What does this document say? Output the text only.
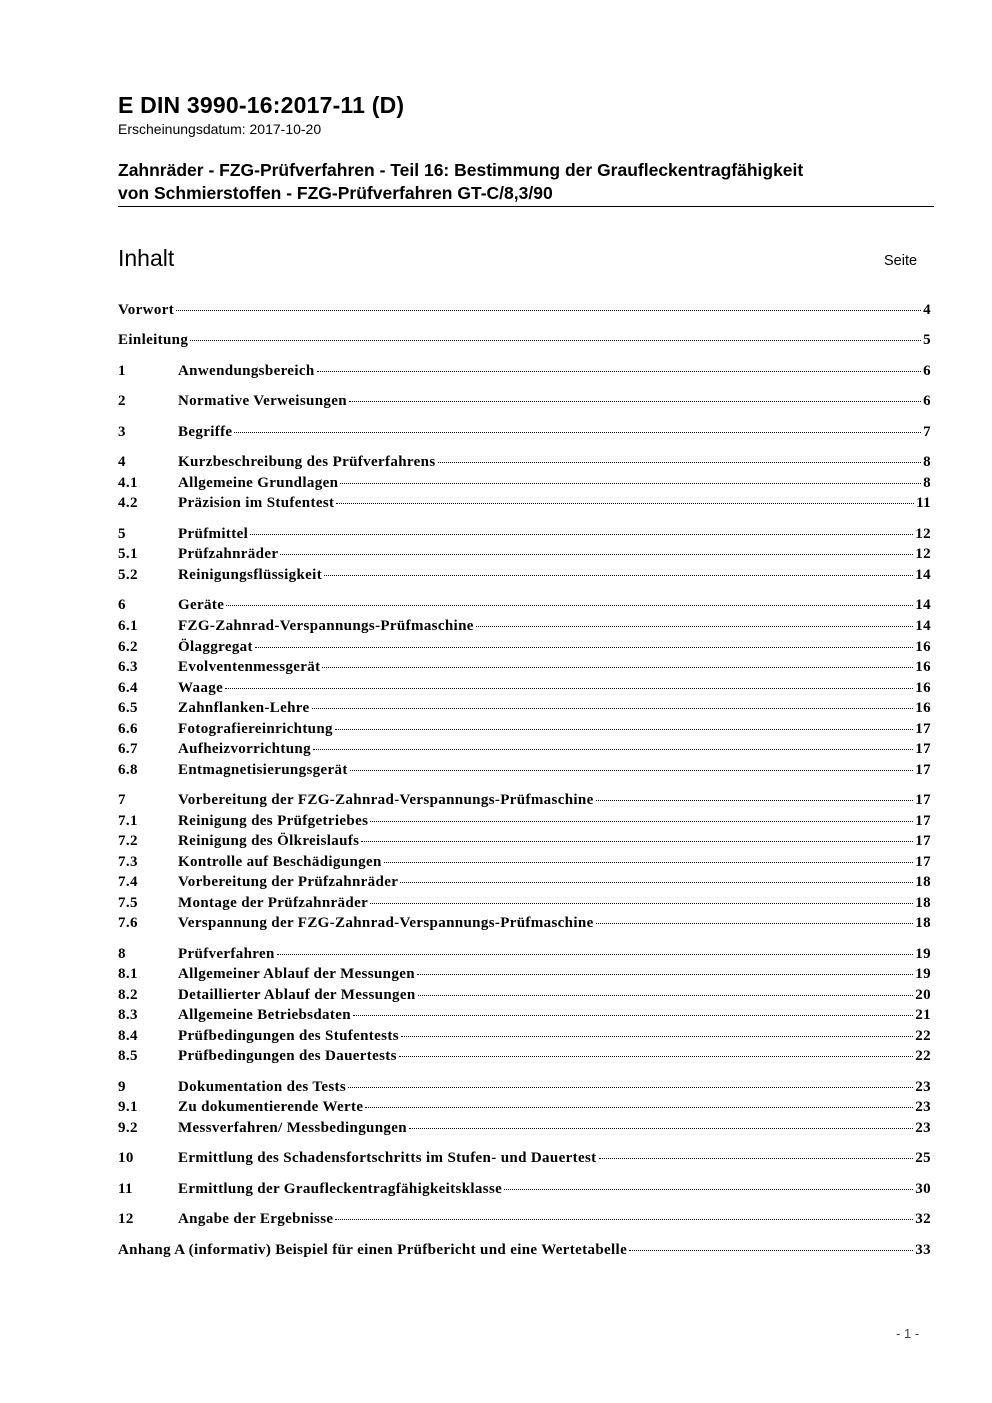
E DIN 3990-16:2017-11 (D)
Erscheinungsdatum: 2017-10-20
Zahnräder - FZG-Prüfverfahren - Teil 16: Bestimmung der Graufleckentragfähigkeit
von Schmierstoffen - FZG-Prüfverfahren GT-C/8,3/90
Inhalt	Seite
Vorwort	4
Einleitung	5
1	Anwendungsbereich	6
2	Normative Verweisungen	6
3	Begriffe	7
4	Kurzbeschreibung des Prüfverfahrens	8
4.1	Allgemeine Grundlagen	8
4.2	Präzision im Stufentest	11
5	Prüfmittel	12
5.1	Prüfzahnräder	12
5.2	Reinigungsflüssigkeit	14
6	Geräte	14
6.1	FZG-Zahnrad-Verspannungs-Prüfmaschine	14
6.2	Ölaggregat	16
6.3	Evolventenmessgerät	16
6.4	Waage	16
6.5	Zahnflanken-Lehre	16
6.6	Fotografiereinrichtung	17
6.7	Aufheizvorrichtung	17
6.8	Entmagnetisierungsgerät	17
7	Vorbereitung der FZG-Zahnrad-Verspannungs-Prüfmaschine	17
7.1	Reinigung des Prüfgetriebes	17
7.2	Reinigung des Ölkreislaufs	17
7.3	Kontrolle auf Beschädigungen	17
7.4	Vorbereitung der Prüfzahnräder	18
7.5	Montage der Prüfzahnräder	18
7.6	Verspannung der FZG-Zahnrad-Verspannungs-Prüfmaschine	18
8	Prüfverfahren	19
8.1	Allgemeiner Ablauf der Messungen	19
8.2	Detaillierter Ablauf der Messungen	20
8.3	Allgemeine Betriebsdaten	21
8.4	Prüfbedingungen des Stufentests	22
8.5	Prüfbedingungen des Dauertests	22
9	Dokumentation des Tests	23
9.1	Zu dokumentierende Werte	23
9.2	Messverfahren/ Messbedingungen	23
10	Ermittlung des Schadensfortschritts im Stufen- und Dauertest	25
11	Ermittlung der Graufleckentragfähigkeitsklasse	30
12	Angabe der Ergebnisse	32
Anhang A (informativ) Beispiel für einen Prüfbericht und eine Wertetabelle	33
- 1 -
